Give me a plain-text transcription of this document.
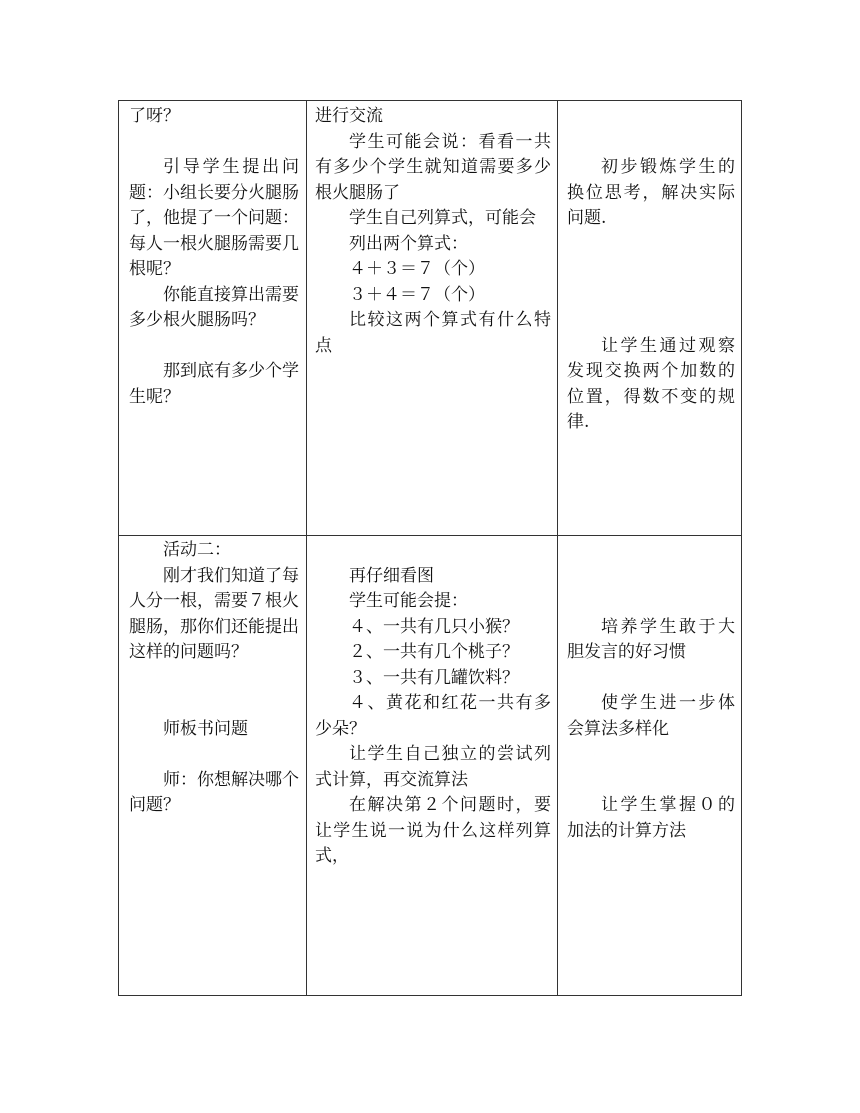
了呀？

引导学生提出问题：小组长要分火腿肠了，他提了一个问题：每人一根火腿肠需要几根呢？

你能直接算出需要多少根火腿肠吗？

那到底有多少个学生呢？

进行交流

学生可能会说：看看一共有多少个学生就知道需要多少根火腿肠了

学生自己列算式，可能会

列出两个算式：

４＋３＝７（个）

３＋４＝７（个）

比较这两个算式有什么特点

初步锻炼学生的换位思考，解决实际问题.

让学生通过观察发现交换两个加数的位置，得数不变的规律.

活动二：

刚才我们知道了每人分一根，需要７根火腿肠，那你们还能提出这样的问题吗？

师板书问题

师：你想解决哪个问题？

再仔细看图

学生可能会提：

４、一共有几只小猴？

２、一共有几个桃子？

３、一共有几罐饮料？

４、黄花和红花一共有多少朵？

让学生自己独立的尝试列式计算，再交流算法

在解决第２个问题时，要让学生说一说为什么这样列算式，

培养学生敢于大胆发言的好习惯

使学生进一步体会算法多样化

让学生掌握０的加法的计算方法
